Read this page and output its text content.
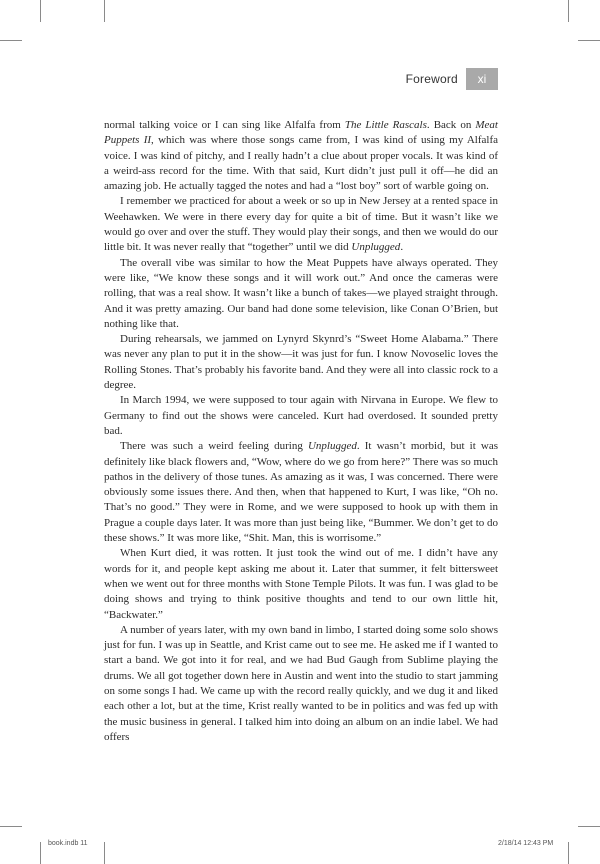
Foreword	xi

normal talking voice or I can sing like Alfalfa from The Little Rascals. Back on Meat Puppets II, which was where those songs came from, I was kind of using my Alfalfa voice. I was kind of pitchy, and I really hadn’t a clue about proper vocals. It was kind of a weird-ass record for the time. With that said, Kurt didn’t just pull it off—he did an amazing job. He actually tagged the notes and had a “lost boy” sort of warble going on.

I remember we practiced for about a week or so up in New Jersey at a rented space in Weehawken. We were in there every day for quite a bit of time. But it wasn’t like we would go over and over the stuff. They would play their songs, and then we would do our little bit. It was never really that “together” until we did Unplugged.

The overall vibe was similar to how the Meat Puppets have always operated. They were like, “We know these songs and it will work out.” And once the cameras were rolling, that was a real show. It wasn’t like a bunch of takes—we played straight through. And it was pretty amazing. Our band had done some television, like Conan O’Brien, but nothing like that.

During rehearsals, we jammed on Lynyrd Skynrd’s “Sweet Home Alabama.” There was never any plan to put it in the show—it was just for fun. I know Novoselic loves the Rolling Stones. That’s probably his favorite band. And they were all into classic rock to a degree.

In March 1994, we were supposed to tour again with Nirvana in Europe. We flew to Germany to find out the shows were canceled. Kurt had overdosed. It sounded pretty bad.

There was such a weird feeling during Unplugged. It wasn’t morbid, but it was definitely like black flowers and, “Wow, where do we go from here?” There was so much pathos in the delivery of those tunes. As amazing as it was, I was concerned. There were obviously some issues there. And then, when that happened to Kurt, I was like, “Oh no. That’s no good.” They were in Rome, and we were supposed to hook up with them in Prague a couple days later. It was more than just being like, “Bummer. We don’t get to do these shows.” It was more like, “Shit. Man, this is worrisome.”

When Kurt died, it was rotten. It just took the wind out of me. I didn’t have any words for it, and people kept asking me about it. Later that summer, it felt bittersweet when we went out for three months with Stone Temple Pilots. It was fun. I was glad to be doing shows and trying to think positive thoughts and tend to our own little hit, “Backwater.”

A number of years later, with my own band in limbo, I started doing some solo shows just for fun. I was up in Seattle, and Krist came out to see me. He asked me if I wanted to start a band. We got into it for real, and we had Bud Gaugh from Sublime playing the drums. We all got together down here in Austin and went into the studio to start jamming on some songs I had. We came up with the record really quickly, and we dug it and liked each other a lot, but at the time, Krist really wanted to be in politics and was fed up with the music business in general. I talked him into doing an album on an indie label. We had offers

book.indb 11	2/18/14 12:43 PM
